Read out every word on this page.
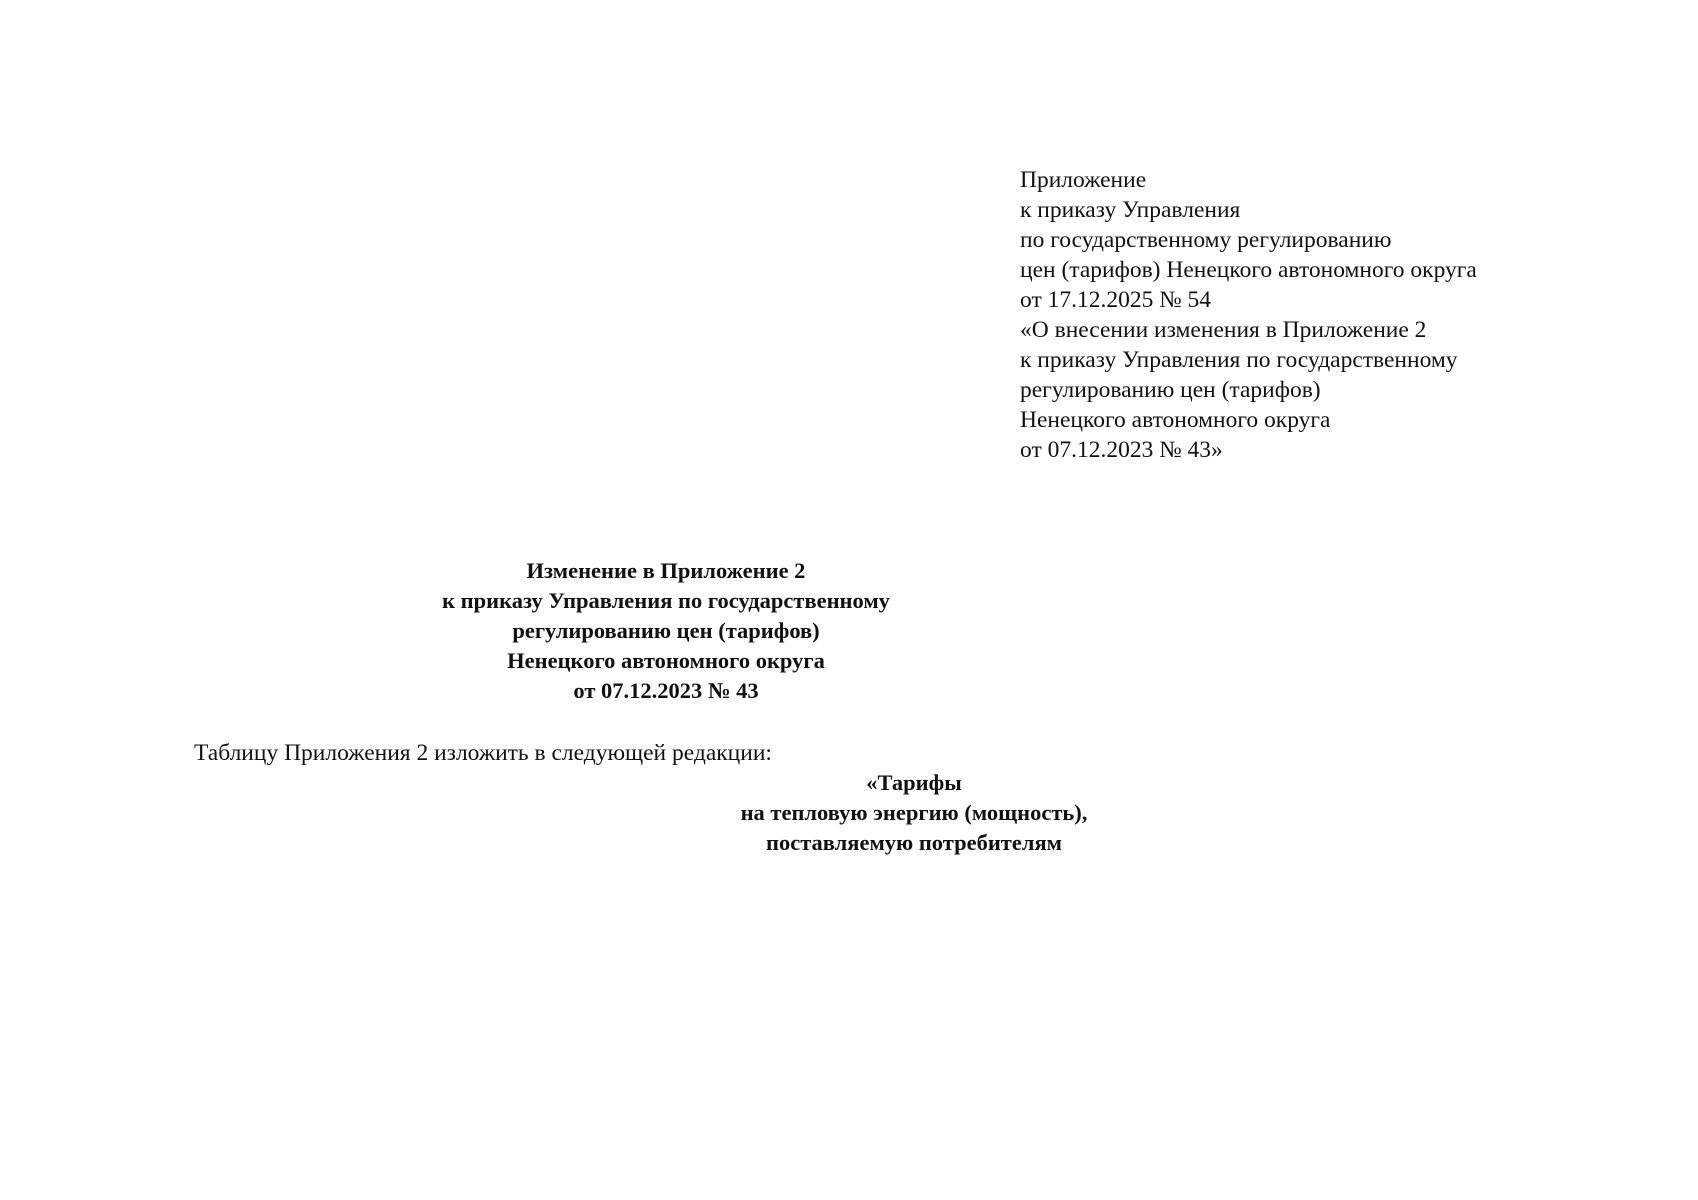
Приложение
к приказу Управления
по государственному регулированию
цен (тарифов) Ненецкого автономного округа
от 17.12.2025 № 54
«О внесении изменения в Приложение 2
к приказу Управления по государственному
регулированию цен (тарифов)
Ненецкого автономного округа
от 07.12.2023 № 43»
Изменение в Приложение 2
к приказу Управления по государственному
регулированию цен (тарифов)
Ненецкого автономного округа
от 07.12.2023 № 43
Таблицу Приложения 2 изложить в следующей редакции:
«Тарифы
на тепловую энергию (мощность),
поставляемую потребителям
